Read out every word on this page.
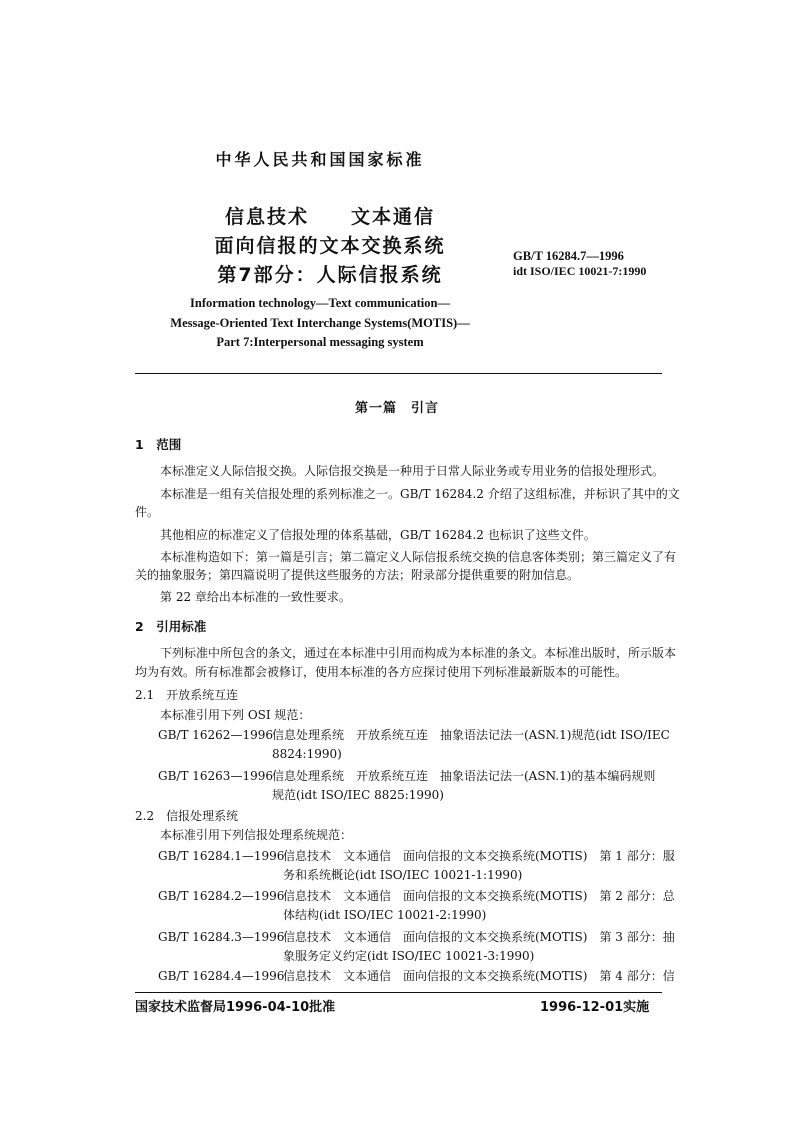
中华人民共和国国家标准
信息技术　　文本通信
面向信报的文本交换系统
第7部分：人际信报系统
GB/T 16284.7—1996
idt ISO/IEC 10021-7:1990
Information technology—Text communication—
Message-Oriented Text Interchange Systems(MOTIS)—
Part 7:Interpersonal messaging system
第一篇　引言
1　范围
本标准定义人际信报交换。人际信报交换是一种用于日常人际业务或专用业务的信报处理形式。
本标准是一组有关信报处理的系列标准之一。GB/T 16284.2 介绍了这组标准，并标识了其中的文
件。
其他相应的标准定义了信报处理的体系基础，GB/T 16284.2 也标识了这些文件。
本标准构造如下：第一篇是引言；第二篇定义人际信报系统交换的信息客体类别；第三篇定义了有
关的抽象服务；第四篇说明了提供这些服务的方法；附录部分提供重要的附加信息。
第 22 章给出本标准的一致性要求。
2　引用标准
下列标准中所包含的条文，通过在本标准中引用而构成为本标准的条文。本标准出版时，所示版本
均为有效。所有标准都会被修订，使用本标准的各方应探讨使用下列标准最新版本的可能性。
2.1　开放系统互连
本标准引用下列 OSI 规范：
GB/T 16262—1996 信息处理系统　开放系统互连　抽象语法记法一(ASN.1)规范(idt ISO/IEC
8824:1990)
GB/T 16263—1996 信息处理系统　开放系统互连　抽象语法记法一(ASN.1)的基本编码规则
规范(idt ISO/IEC 8825:1990)
2.2　信报处理系统
本标准引用下列信报处理系统规范：
GB/T 16284.1—1996
信息技术　文本通信　面向信报的文本交换系统(MOTIS)　第 1 部分：服
务和系统概论(idt ISO/IEC 10021-1:1990)
GB/T 16284.2—1996
信息技术　文本通信　面向信报的文本交换系统(MOTIS)　第 2 部分：总
体结构(idt ISO/IEC 10021-2:1990)
GB/T 16284.3—1996
信息技术　文本通信　面向信报的文本交换系统(MOTIS)　第 3 部分：抽
象服务定义约定(idt ISO/IEC 10021-3:1990)
GB/T 16284.4—1996
信息技术　文本通信　面向信报的文本交换系统(MOTIS)　第 4 部分：信
国家技术监督局1996-04-10批准	1996-12-01实施
